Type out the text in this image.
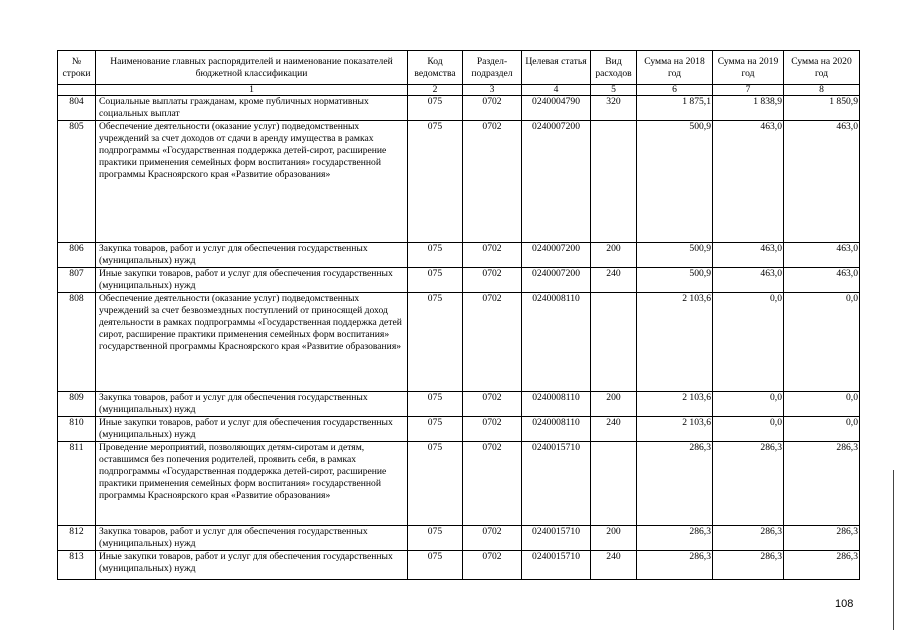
№ строки	Наименование главных распорядителей и наименование показателей бюджетной классификации	Код ведомства	Раздел-подраздел	Целевая статья	Вид расходов	Сумма на 2018 год	Сумма на 2019 год	Сумма на 2020 год
	1	2	3	4	5	6	7	8
804	Социальные выплаты гражданам, кроме публичных нормативных социальных выплат	075	0702	0240004790	320	1 875,1	1 838,9	1 850,9
805	Обеспечение деятельности (оказание услуг) подведомственных учреждений за счет доходов от сдачи в аренду имущества в рамках подпрограммы «Государственная поддержка детей-сирот, расширение практики применения семейных форм воспитания» государственной программы Красноярского края «Развитие образования»	075	0702	0240007200		500,9	463,0	463,0
806	Закупка товаров, работ и услуг для обеспечения государственных (муниципальных) нужд	075	0702	0240007200	200	500,9	463,0	463,0
807	Иные закупки товаров, работ и услуг для обеспечения государственных (муниципальных) нужд	075	0702	0240007200	240	500,9	463,0	463,0
808	Обеспечение деятельности (оказание услуг) подведомственных учреждений за счет безвозмездных поступлений от приносящей доход деятельности в рамках подпрограммы «Государственная поддержка детей сирот, расширение практики применения семейных форм воспитания» государственной программы Красноярского края «Развитие образования»	075	0702	0240008110		2 103,6	0,0	0,0
809	Закупка товаров, работ и услуг для обеспечения государственных (муниципальных) нужд	075	0702	0240008110	200	2 103,6	0,0	0,0
810	Иные закупки товаров, работ и услуг для обеспечения государственных (муниципальных) нужд	075	0702	0240008110	240	2 103,6	0,0	0,0
811	Проведение мероприятий, позволяющих детям-сиротам и детям, оставшимся без попечения родителей, проявить себя, в рамках подпрограммы «Государственная поддержка детей-сирот, расширение практики применения семейных форм воспитания» государственной программы Красноярского края «Развитие образования»	075	0702	0240015710		286,3	286,3	286,3
812	Закупка товаров, работ и услуг для обеспечения государственных (муниципальных) нужд	075	0702	0240015710	200	286,3	286,3	286,3
813	Иные закупки товаров, работ и услуг для обеспечения государственных (муниципальных) нужд	075	0702	0240015710	240	286,3	286,3	286,3
108
